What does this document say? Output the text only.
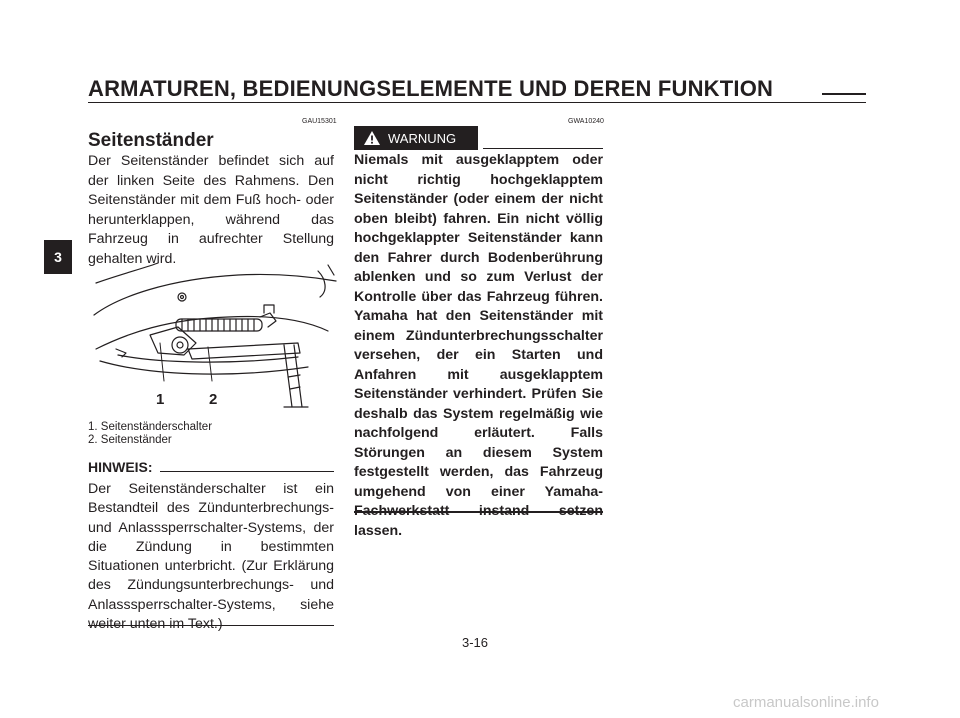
ARMATUREN, BEDIENUNGSELEMENTE UND DEREN FUNKTION
3
GAU15301
Seitenständer
Der Seitenständer befindet sich auf der linken Seite des Rahmens. Den Seitenständer mit dem Fuß hoch- oder herunterklappen, während das Fahrzeug in aufrechter Stellung gehalten wird.
1	2
1. Seitenständerschalter
2. Seitenständer
HINWEIS:
Der Seitenständerschalter ist ein Bestandteil des Zündunterbrechungs- und Anlasssperrschalter-Systems, der die Zündung in bestimmten Situationen unterbricht. (Zur Erklärung des Zündungsunterbrechungs- und Anlasssperrschalter-Systems, siehe weiter unten im Text.)
GWA10240
WARNUNG
Niemals mit ausgeklapptem oder nicht richtig hochgeklapptem Seitenständer (oder einem der nicht oben bleibt) fahren. Ein nicht völlig hochgeklappter Seitenständer kann den Fahrer durch Bodenberührung ablenken und so zum Verlust der Kontrolle über das Fahrzeug führen. Yamaha hat den Seitenständer mit einem Zündunterbrechungsschalter versehen, der ein Starten und Anfahren mit ausgeklapptem Seitenständer verhindert. Prüfen Sie deshalb das System regelmäßig wie nachfolgend erläutert. Falls Störungen an diesem System festgestellt werden, das Fahrzeug umgehend von einer Yamaha-Fachwerkstatt instand setzen lassen.
3-16
carmanualsonline.info
